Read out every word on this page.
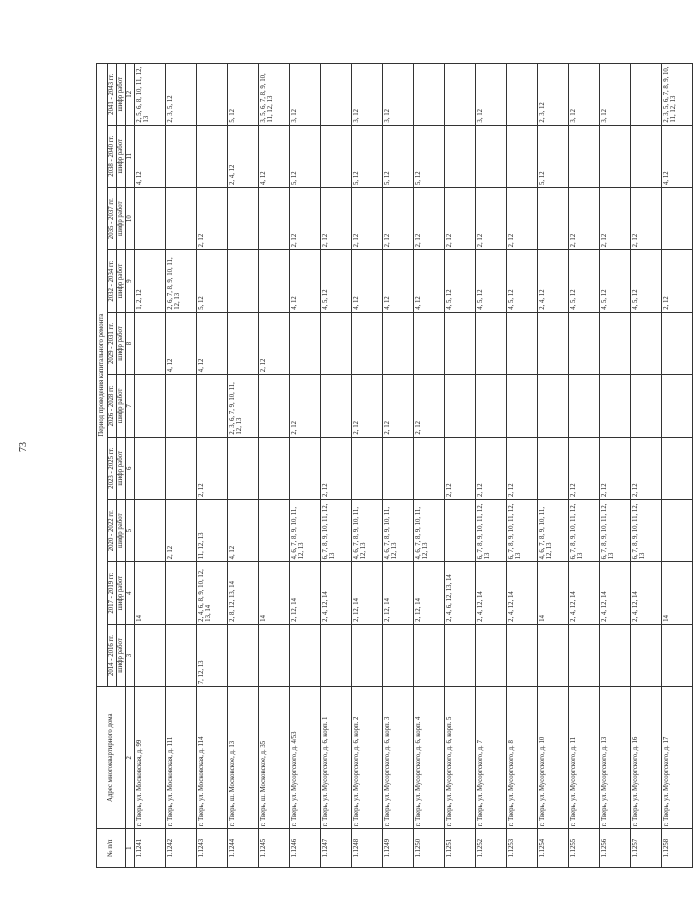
73
№ п/п	Адрес многоквартирного дома	Период проведения капитального ремонта									
		2014 - 2016 гг.	2017 - 2019 гг.	2020 - 2022 гг.	2023 - 2025 гг.	2026 - 2028 гг.	2029 - 2031 гг.	2032 - 2034 гг.	2035 - 2037 гг.	2038 - 2040 гг.	2041 - 2043 гг.
		шифр работ	шифр работ	шифр работ	шифр работ	шифр работ	шифр работ	шифр работ	шифр работ	шифр работ	шифр работ
1	2	3	4	5	6	7	8	9	10	11	12
1.1241	г. Тверь, ул. Московская, д. 99		14					1, 2, 12		4, 12	2, 5, 6, 8, 10, 11, 12, 13
1.1242	г. Тверь, ул. Московская, д. 111			2, 12			4, 12	2, 6, 7, 8, 9, 10, 11, 12, 13			2, 3, 5, 12
1.1243	г. Тверь, ул. Московская, д. 114	7, 12, 13	2, 4, 6, 8, 9, 10, 12, 13, 14	11, 12, 13	2, 12		4, 12	5, 12	2, 12		
1.1244	г. Тверь, ш. Московское, д. 13		2, 8, 12, 13, 14	4, 12		2, 3, 6, 7, 9, 10, 11, 12, 13				2, 4, 12	5, 12
1.1245	г. Тверь, ш. Московское, д. 35		14				2, 12			4, 12	3, 5, 6, 7, 8, 9, 10, 11, 12, 13
1.1246	г. Тверь, ул. Мусоргского, д. 4/53		2, 12, 14	4, 6, 7, 8, 9, 10, 11, 12, 13		2, 12		4, 12	2, 12	5, 12	3, 12
1.1247	г. Тверь, ул. Мусоргского, д. 6, корп. 1		2, 4, 12, 14	6, 7, 8, 9, 10, 11, 12, 13	2, 12			4, 5, 12	2, 12		
1.1248	г. Тверь, ул. Мусоргского, д. 6, корп. 2		2, 12, 14	4, 6, 7, 8, 9, 10, 11, 12, 13		2, 12		4, 12	2, 12	5, 12	3, 12
1.1249	г. Тверь, ул. Мусоргского, д. 6, корп. 3		2, 12, 14	4, 6, 7, 8, 9, 10, 11, 12, 13		2, 12		4, 12	2, 12	5, 12	3, 12
1.1250	г. Тверь, ул. Мусоргского, д. 6, корп. 4		2, 12, 14	4, 6, 7, 8, 9, 10, 11, 12, 13		2, 12		4, 12	2, 12	5, 12	
1.1251	г. Тверь, ул. Мусоргского, д. 6, корп. 5		2, 4, 6, 12, 13, 14		2, 12			4, 5, 12	2, 12		
1.1252	г. Тверь, ул. Мусоргского, д. 7		2, 4, 12, 14	6, 7, 8, 9, 10, 11, 12, 13	2, 12			4, 5, 12	2, 12		3, 12
1.1253	г. Тверь, ул. Мусоргского, д. 8		2, 4, 12, 14	6, 7, 8, 9, 10, 11, 12, 13	2, 12			4, 5, 12	2, 12		
1.1254	г. Тверь, ул. Мусоргского, д. 10		14	4, 6, 7, 8, 9, 10, 11, 12, 13				2, 4, 12		5, 12	2, 3, 12
1.1255	г. Тверь, ул. Мусоргского, д. 11		2, 4, 12, 14	6, 7, 8, 9, 10, 11, 12, 13	2, 12			4, 5, 12	2, 12		3, 12
1.1256	г. Тверь, ул. Мусоргского, д. 13		2, 4, 12, 14	6, 7, 8, 9, 10, 11, 12, 13	2, 12			4, 5, 12	2, 12		3, 12
1.1257	г. Тверь, ул. Мусоргского, д. 16		2, 4, 12, 14	6, 7, 8, 9, 10, 11, 12, 13	2, 12			4, 5, 12	2, 12		
1.1258	г. Тверь, ул. Мусоргского, д. 17		14					2, 12		4, 12	2, 3, 5, 6, 7, 8, 9, 10, 11, 12, 13
